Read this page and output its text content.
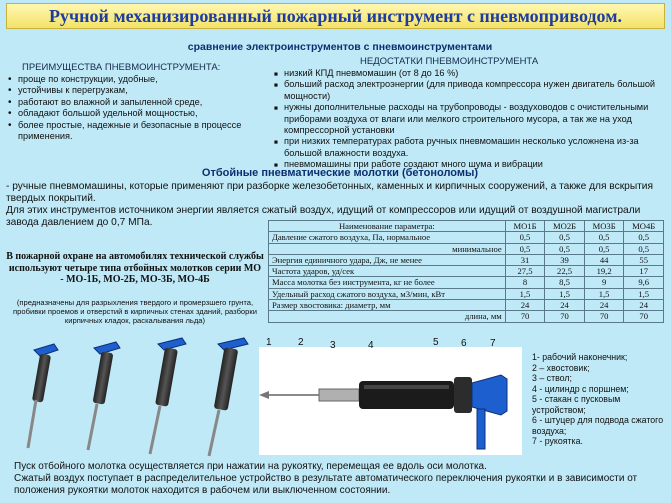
Ручной механизированный пожарный инструмент с пневмоприводом.
сравнение электроинструментов с пневмоинструментами
ПРЕИМУЩЕСТВА ПНЕВМОИНСТРУМЕНТА:
• проще по конструкции, удобные,
• устойчивы к перегрузкам,
• работают во влажной и запыленной среде,
• обладают большой удельной мощностью,
• более простые, надежные и безопасные в процессе применения.
НЕДОСТАТКИ ПНЕВМОИНСТРУМЕНТА
■ низкий КПД пневмомашин (от 8 до 16 %)
■ больший расход электроэнергии (для привода компрессора нужен двигатель большой мощности)
■ нужны дополнительные расходы на трубопроводы - воздуховодов с очистительными приборами воздуха от влаги или мелкого строительного мусора, а так же на уход компрессорной установки
■ при низких температурах работа ручных пневмомашин несколько усложнена из-за большой влажности воздуха.
■ пневмомашины при работе создают много шума и вибрации
Отбойные пневматические молотки (бетоноломы)
- ручные пневмомашины, которые применяют при разборке железобетонных, каменных и кирпичных сооружений, а также для вскрытия твердых покрытий.
Для этих инструментов источником энергии является сжатый воздух, идущий от компрессоров или идущий от воздушной магистрали завода давлением до 0,7 МПа.
В пожарной охране на автомобилях технической службы используют четыре типа отбойных молотков серии МО - МО-1Б, МО-2Б, МО-3Б, МО-4Б
(предназначены для разрыхления твердого и промерзшего грунта, пробивки проемов и отверстий в кирпичных стенах зданий, разборки кирпичных кладок, раскалывания льда)
Наименование параметра:	МО1Б	МО2Б	МО3Б	МО4Б
Давление сжатого воздуха, Па, нормальное	0,5	0,5	0,5	0,5
минимальное	0,5	0,5	0,5	0,5
Энергия единичного удара, Дж, не менее	31	39	44	55
Частота ударов, уд/сек	27,5	22,5	19,2	17
Масса молотка без инструмента, кг не более	8	8,5	9	9,6
Удельный расход сжатого воздуха, м3/мин, кВт	1,5	1,5	1,5	1,5
Размер хвостовика: диаметр, мм	24	24	24	24
длина, мм	70	70	70	70
1	2	3	4	5 6 7
1- рабочий наконечник;
2 – хвостовик;
3 – ствол;
4 - цилиндр с поршнем;
5 - стакан с пусковым устройством;
6 - штуцер для подвода сжатого воздуха;
7 - рукоятка.
Пуск отбойного молотка осуществляется при нажатии на рукоятку, перемещая ее вдоль оси молотка.
Сжатый воздух поступает в распределительное устройство в результате автоматического переключения рукоятки и в зависимости от положения рукоятки молоток находится в рабочем или выключенном состоянии.
